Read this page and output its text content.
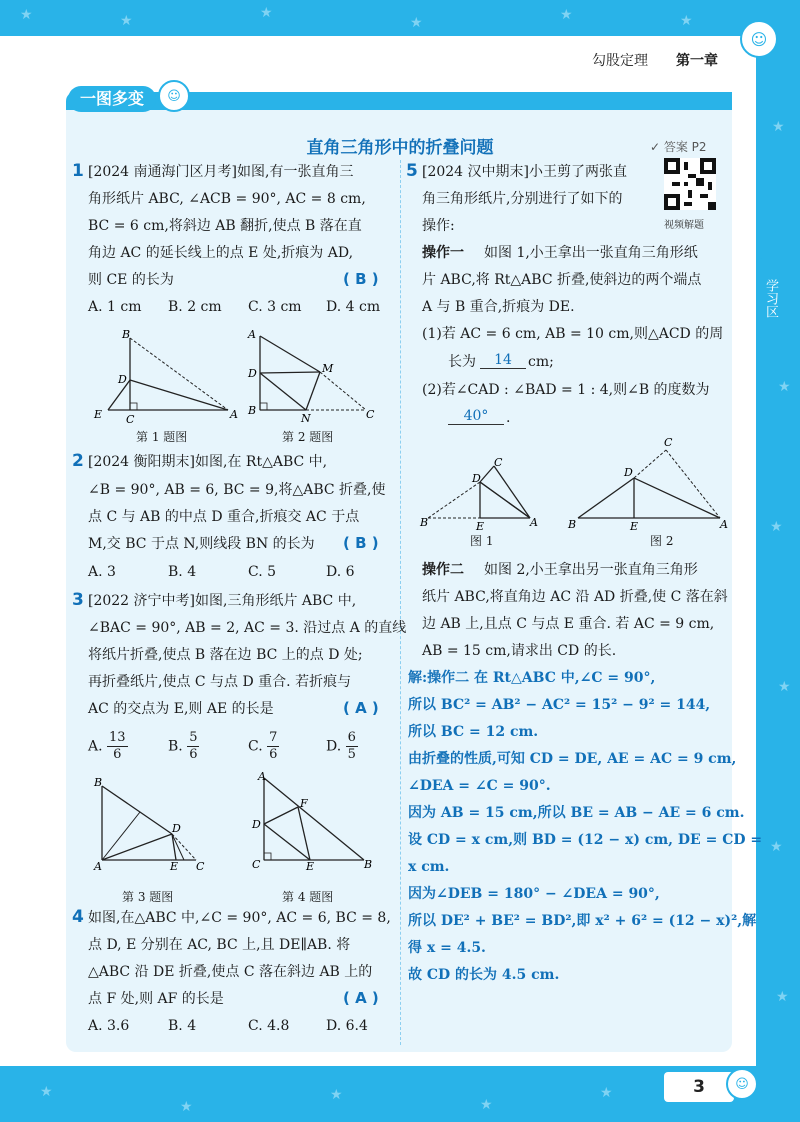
★	★	★
★	★	★
★
★
★
★
★
★
★
★
★
★
★
☺
勾股定理 第一章
一图多变	☺
直角三角形中的折叠问题	✓ 答案 P2
视频解题
学习区
1 [2024 南通海门区月考]如图,有一张直角三
角形纸片 ABC, ∠ACB = 90°, AC = 8 cm,
BC = 6 cm,将斜边 AB 翻折,使点 B 落在直
角边 AC 的延长线上的点 E 处,折痕为 AD,
则 CE 的长为	( B )
A. 1 cm B. 2 cm C. 3 cm D. 4 cm
B
D
E C	A
第 1 题图
A
D	M
B
N	C
第 2 题图
2 [2024 衡阳期末]如图,在 Rt△ABC 中,
∠B = 90°, AB = 6, BC = 9,将△ABC 折叠,使
点 C 与 AB 的中点 D 重合,折痕交 AC 于点
M,交 BC 于点 N,则线段 BN 的长为 ( B )
A. 3	B. 4	C. 5	D. 6
3 [2022 济宁中考]如图,三角形纸片 ABC 中,
∠BAC = 90°, AB = 2, AC = 3. 沿过点 A 的直线
将纸片折叠,使点 B 落在边 BC 上的点 D 处;
再折叠纸片,使点 C 与点 D 重合. 若折痕与
AC 的交点为 E,则 AE 的长是	( A )
A. $\frac{13}{6}$	B. $\frac{5}{6}$	C. $\frac{7}{6}$	D. $\frac{6}{5}$
B
D
A	E C
第 3 题图
A
F
D
C	E	B
第 4 题图
4 如图,在△ABC 中,∠C = 90°, AC = 6, BC = 8,
点 D, E 分别在 AC, BC 上,且 DE∥AB. 将
△ABC 沿 DE 折叠,使点 C 落在斜边 AB 上的
点 F 处,则 AF 的长是	( A )
A. 3.6	B. 4	C. 4.8	D. 6.4
5 [2024 汉中期末]小王剪了两张直
角三角形纸片,分别进行了如下的
操作:
操作一 如图 1,小王拿出一张直角三角形纸
片 ABC,将 Rt△ABC 折叠,使斜边的两个端点
A 与 B 重合,折痕为 DE.
(1)若 AC = 6 cm, AB = 10 cm,则△ACD 的周
长为	14	cm;
(2)若∠CAD : ∠BAD = 1 : 4,则∠B 的度数为
40°	.
C
D
B	E	A
图 1
C
D
B	E	A
图 2
操作二 如图 2,小王拿出另一张直角三角形
纸片 ABC,将直角边 AC 沿 AD 折叠,使 C 落在斜
边 AB 上,且点 C 与点 E 重合. 若 AC = 9 cm,
AB = 15 cm,请求出 CD 的长.
解:操作二 在 Rt△ABC 中,∠C = 90°,
所以 BC² = AB² − AC² = 15² − 9² = 144,
所以 BC = 12 cm.
由折叠的性质,可知 CD = DE, AE = AC = 9 cm,
∠DEA = ∠C = 90°.
因为 AB = 15 cm,所以 BE = AB − AE = 6 cm.
设 CD = x cm,则 BD = (12 − x) cm, DE = CD =
x cm.
因为∠DEB = 180° − ∠DEA = 90°,
所以 DE² + BE² = BD²,即 x² + 6² = (12 − x)²,解
得 x = 4.5.
故 CD 的长为 4.5 cm.
3	☺
